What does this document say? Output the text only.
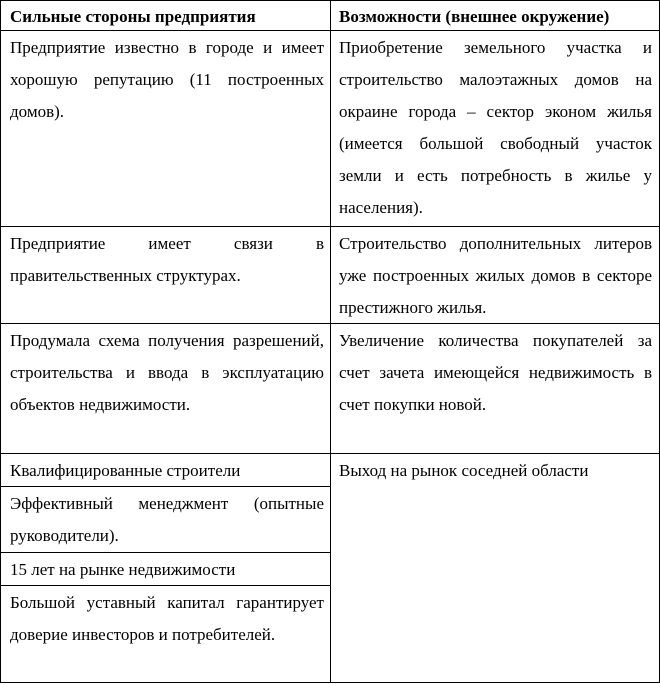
Сильные стороны предприятия	Возможности (внешнее окружение)
Предприятие известно в городе и имеет хорошую репутацию (11 построенных домов).
Предприятие имеет связи в правительственных структурах.
Продумала схема получения разрешений, строительства и ввода в эксплуатацию объектов недвижимости.
Квалифицированные строители
Эффективный менеджмент (опытные руководители).
15 лет на рынке недвижимости
Большой уставный капитал гарантирует доверие инвесторов и потребителей.
Приобретение земельного участка и строительство малоэтажных домов на окраине города – сектор эконом жилья (имеется большой свободный участок земли и есть потребность в жилье у населения).
Строительство дополнительных литеров уже построенных жилых домов в секторе престижного жилья.
Увеличение количества покупателей за счет зачета имеющейся недвижимость в счет покупки новой.
Выход на рынок соседней области
